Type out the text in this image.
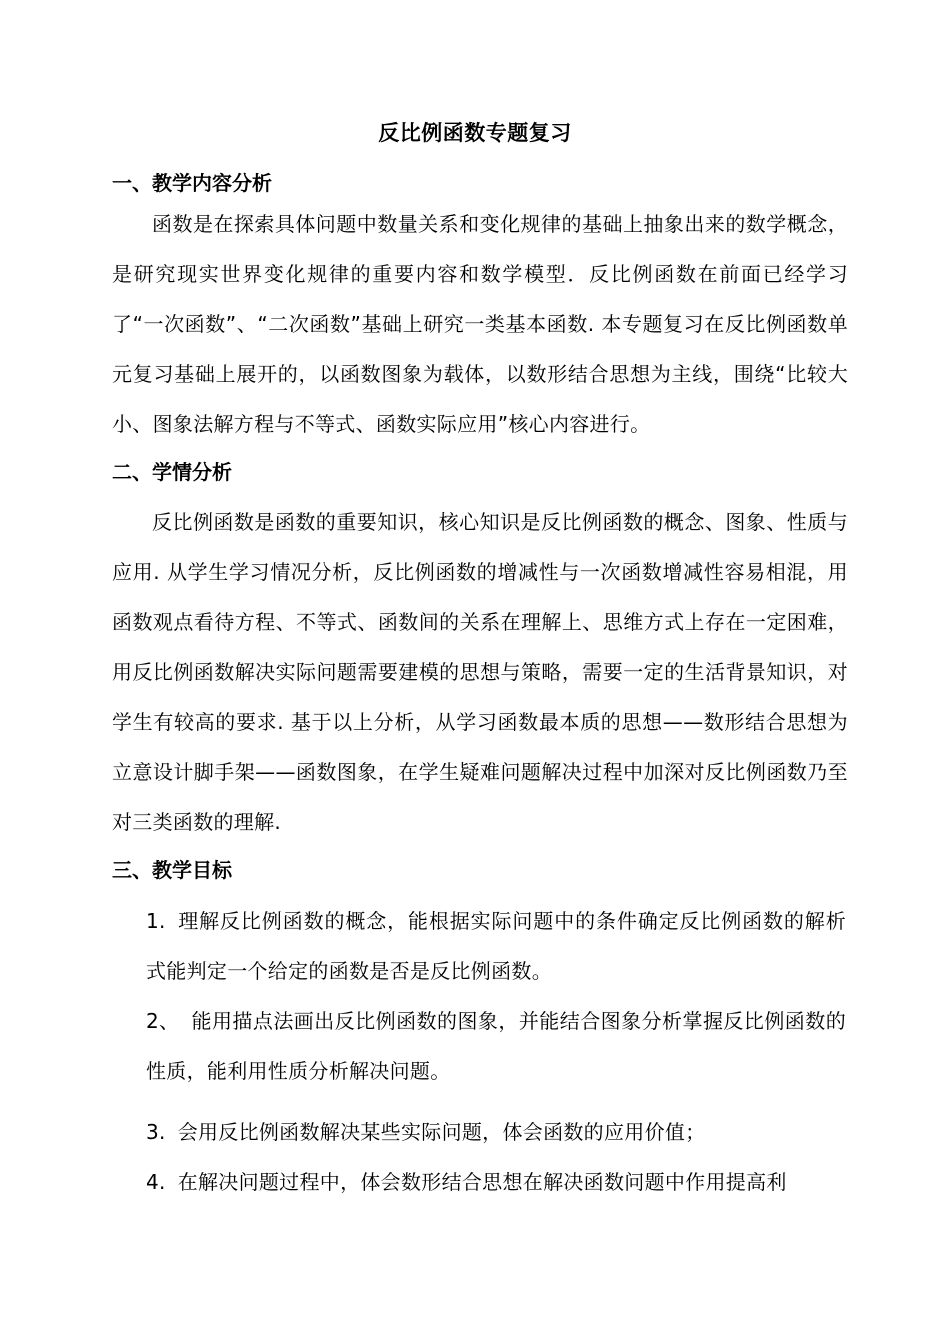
反比例函数专题复习
一、教学内容分析
函数是在探索具体问题中数量关系和变化规律的基础上抽象出来的数学概念，是研究现实世界变化规律的重要内容和数学模型．反比例函数在前面已经学习了“一次函数”、“二次函数”基础上研究一类基本函数. 本专题复习在反比例函数单元复习基础上展开的，以函数图象为载体，以数形结合思想为主线，围绕“比较大小、图象法解方程与不等式、函数实际应用”核心内容进行。
二、学情分析
反比例函数是函数的重要知识，核心知识是反比例函数的概念、图象、性质与应用. 从学生学习情况分析，反比例函数的增减性与一次函数增减性容易相混，用函数观点看待方程、不等式、函数间的关系在理解上、思维方式上存在一定困难，用反比例函数解决实际问题需要建模的思想与策略，需要一定的生活背景知识，对学生有较高的要求. 基于以上分析，从学习函数最本质的思想——数形结合思想为立意设计脚手架——函数图象，在学生疑难问题解决过程中加深对反比例函数乃至对三类函数的理解.
三、教学目标
1. 理解反比例函数的概念，能根据实际问题中的条件确定反比例函数的解析式能判定一个给定的函数是否是反比例函数。
2、 能用描点法画出反比例函数的图象，并能结合图象分析掌握反比例函数的性质，能利用性质分析解决问题。
3. 会用反比例函数解决某些实际问题，体会函数的应用价值；
4. 在解决问题过程中，体会数形结合思想在解决函数问题中作用提高利
